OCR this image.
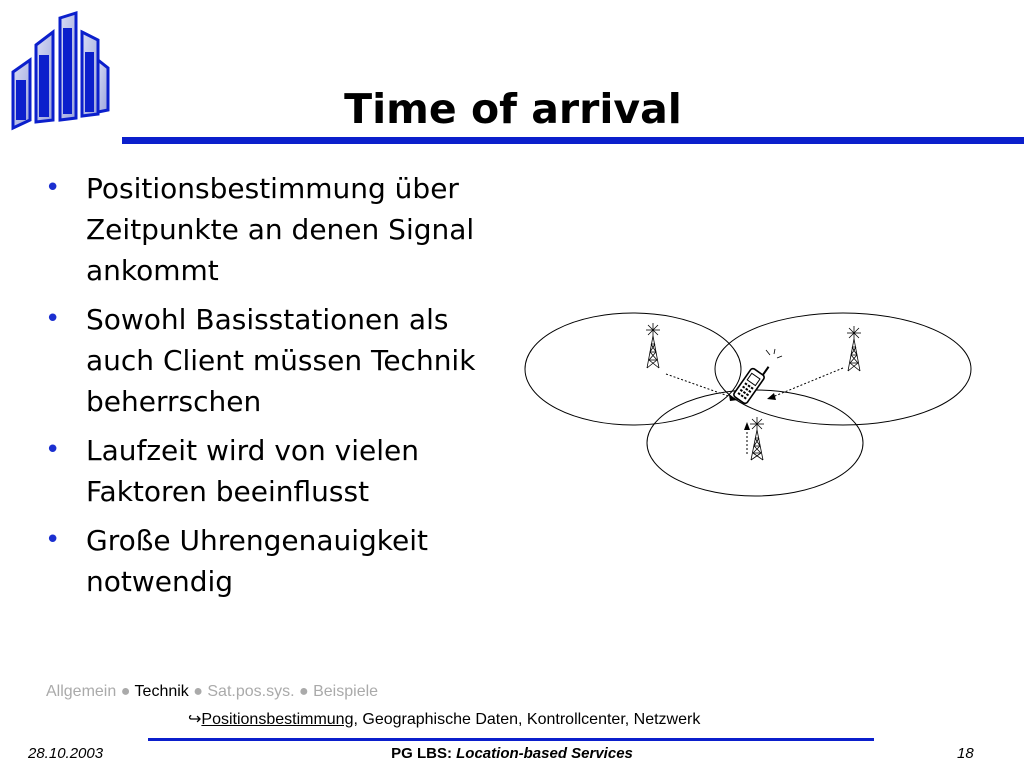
Time of arrival
• Positionsbestimmung über Zeitpunkte an denen Signal ankommt
• Sowohl Basisstationen als auch Client müssen Technik beherrschen
• Laufzeit wird von vielen Faktoren beeinflusst
• Große Uhrengenauigkeit notwendig
Allgemein ● Technik ● Sat.pos.sys. ● Beispiele
↪Positionsbestimmung, Geographische Daten, Kontrollcenter, Netzwerk
28.10.2003	PG LBS: Location-based Services	18
